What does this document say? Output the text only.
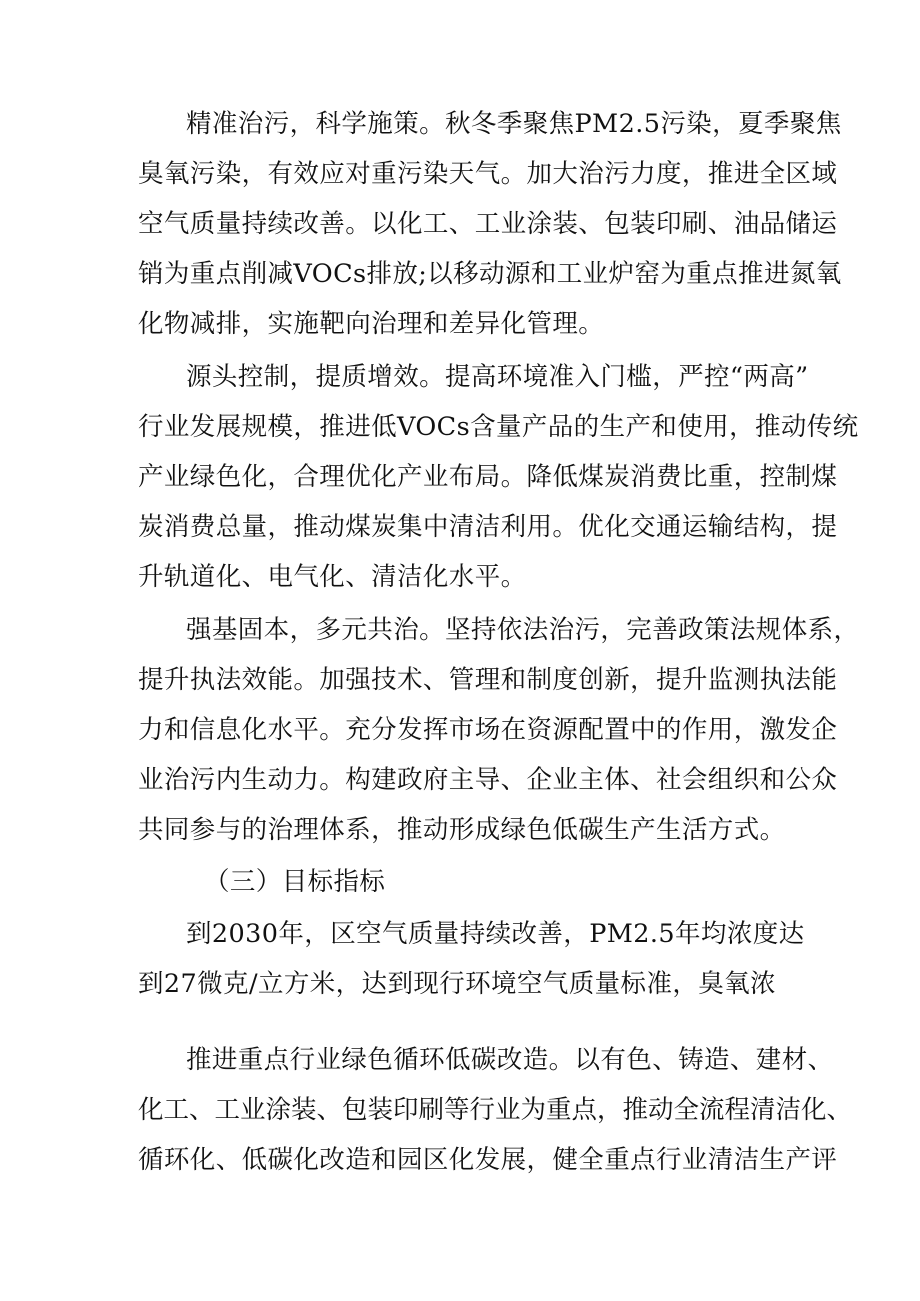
精准治污，科学施策。秋冬季聚焦PM2.5污染，夏季聚焦
臭氧污染，有效应对重污染天气。加大治污力度，推进全区域
空气质量持续改善。以化工、工业涂装、包装印刷、油品储运
销为重点削减VOCs排放;以移动源和工业炉窑为重点推进氮氧
化物减排，实施靶向治理和差异化管理。
源头控制，提质增效。提高环境准入门槛，严控“两高”
行业发展规模，推进低VOCs含量产品的生产和使用，推动传统
产业绿色化，合理优化产业布局。降低煤炭消费比重，控制煤
炭消费总量，推动煤炭集中清洁利用。优化交通运输结构，提
升轨道化、电气化、清洁化水平。
强基固本，多元共治。坚持依法治污，完善政策法规体系，
提升执法效能。加强技术、管理和制度创新，提升监测执法能
力和信息化水平。充分发挥市场在资源配置中的作用，激发企
业治污内生动力。构建政府主导、企业主体、社会组织和公众
共同参与的治理体系，推动形成绿色低碳生产生活方式。
（三）目标指标
到2030年，区空气质量持续改善，PM2.5年均浓度达
到27微克/立方米，达到现行环境空气质量标准，臭氧浓
推进重点行业绿色循环低碳改造。以有色、铸造、建材、
化工、工业涂装、包装印刷等行业为重点，推动全流程清洁化、
循环化、低碳化改造和园区化发展，健全重点行业清洁生产评
